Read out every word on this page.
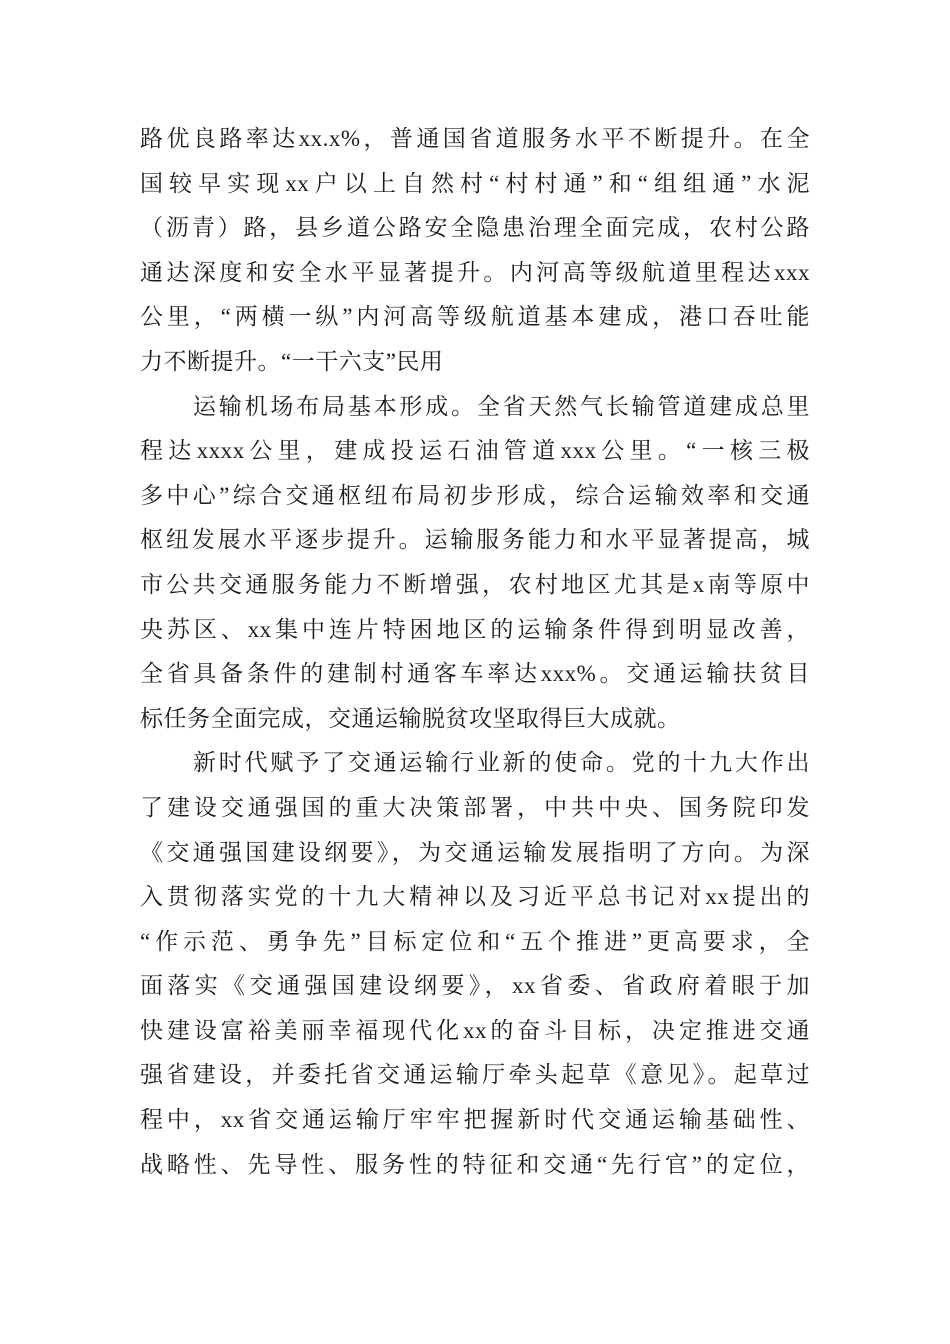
路优良路率达xx.x%，普通国省道服务水平不断提升。在全
国较早实现xx户以上自然村“村村通”和“组组通”水泥
（沥青）路，县乡道公路安全隐患治理全面完成，农村公路
通达深度和安全水平显著提升。内河高等级航道里程达xxx
公里，“两横一纵”内河高等级航道基本建成，港口吞吐能
力不断提升。“一干六支”民用
运输机场布局基本形成。全省天然气长输管道建成总里
程达xxxx公里，建成投运石油管道xxx公里。“一核三极
多中心”综合交通枢纽布局初步形成，综合运输效率和交通
枢纽发展水平逐步提升。运输服务能力和水平显著提高，城
市公共交通服务能力不断增强，农村地区尤其是x南等原中
央苏区、xx集中连片特困地区的运输条件得到明显改善，
全省具备条件的建制村通客车率达xxx%。交通运输扶贫目
标任务全面完成，交通运输脱贫攻坚取得巨大成就。
新时代赋予了交通运输行业新的使命。党的十九大作出
了建设交通强国的重大决策部署，中共中央、国务院印发
《交通强国建设纲要》，为交通运输发展指明了方向。为深
入贯彻落实党的十九大精神以及习近平总书记对xx提出的
“作示范、勇争先”目标定位和“五个推进”更高要求，全
面落实《交通强国建设纲要》，xx省委、省政府着眼于加
快建设富裕美丽幸福现代化xx的奋斗目标，决定推进交通
强省建设，并委托省交通运输厅牵头起草《意见》。起草过
程中，xx省交通运输厅牢牢把握新时代交通运输基础性、
战略性、先导性、服务性的特征和交通“先行官”的定位，
